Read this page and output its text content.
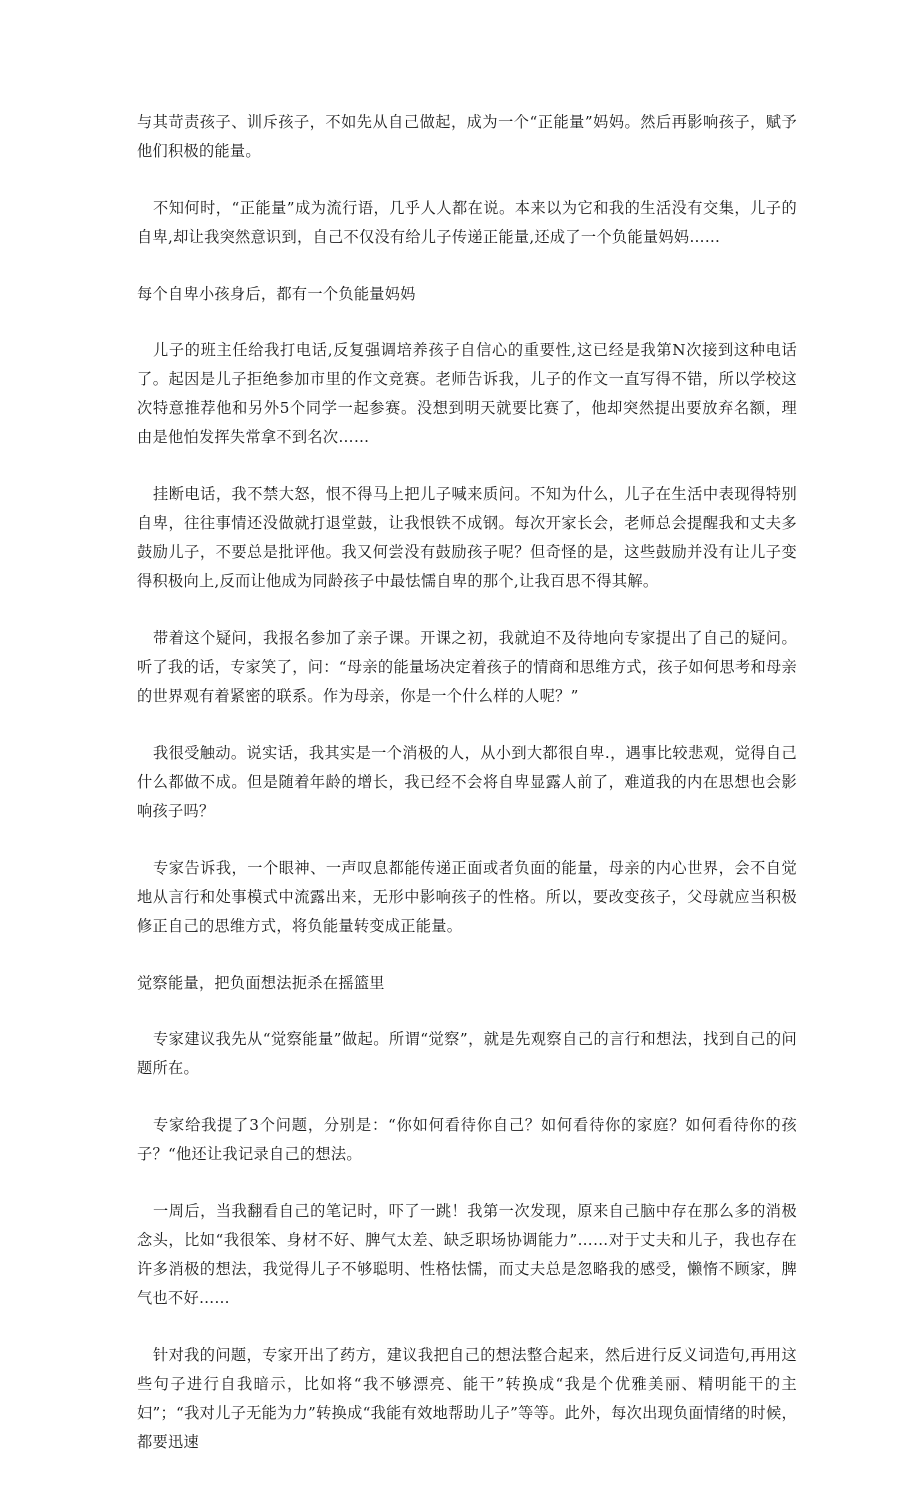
与其苛责孩子、训斥孩子，不如先从自己做起，成为一个“正能量”妈妈。然后再影响孩子，赋予他们积极的能量。

不知何时，“正能量”成为流行语，几乎人人都在说。本来以为它和我的生活没有交集，儿子的自卑,却让我突然意识到，自己不仅没有给儿子传递正能量,还成了一个负能量妈妈……

每个自卑小孩身后，都有一个负能量妈妈

儿子的班主任给我打电话,反复强调培养孩子自信心的重要性,这已经是我第N次接到这种电话了。起因是儿子拒绝参加市里的作文竞赛。老师告诉我，儿子的作文一直写得不错，所以学校这次特意推荐他和另外5个同学一起参赛。没想到明天就要比赛了，他却突然提出要放弃名额，理由是他怕发挥失常拿不到名次……

挂断电话，我不禁大怒，恨不得马上把儿子喊来质问。不知为什么，儿子在生活中表现得特别自卑，往往事情还没做就打退堂鼓，让我恨铁不成钢。每次开家长会，老师总会提醒我和丈夫多鼓励儿子，不要总是批评他。我又何尝没有鼓励孩子呢？但奇怪的是，这些鼓励并没有让儿子变得积极向上,反而让他成为同龄孩子中最怯懦自卑的那个,让我百思不得其解。

带着这个疑问，我报名参加了亲子课。开课之初，我就迫不及待地向专家提出了自己的疑问。听了我的话，专家笑了，问：“母亲的能量场决定着孩子的情商和思维方式，孩子如何思考和母亲的世界观有着紧密的联系。作为母亲，你是一个什么样的人呢？”

我很受触动。说实话，我其实是一个消极的人，从小到大都很自卑.，遇事比较悲观，觉得自己什么都做不成。但是随着年龄的增长，我已经不会将自卑显露人前了，难道我的内在思想也会影响孩子吗？

专家告诉我，一个眼神、一声叹息都能传递正面或者负面的能量，母亲的内心世界，会不自觉地从言行和处事模式中流露出来，无形中影响孩子的性格。所以，要改变孩子，父母就应当积极修正自己的思维方式，将负能量转变成正能量。

觉察能量，把负面想法扼杀在摇篮里

专家建议我先从“觉察能量”做起。所谓“觉察”，就是先观察自己的言行和想法，找到自己的问题所在。

专家给我提了3个问题，分别是：“你如何看待你自己？如何看待你的家庭？如何看待你的孩子？“他还让我记录自己的想法。

一周后，当我翻看自己的笔记时，吓了一跳！我第一次发现，原来自己脑中存在那么多的消极念头，比如“我很笨、身材不好、脾气太差、缺乏职场协调能力”……对于丈夫和儿子，我也存在许多消极的想法，我觉得儿子不够聪明、性格怯懦，而丈夫总是忽略我的感受，懒惰不顾家，脾气也不好……

针对我的问题，专家开出了药方，建议我把自己的想法整合起来，然后进行反义词造句,再用这些句子进行自我暗示，比如将“我不够漂亮、能干”转换成“我是个优雅美丽、精明能干的主妇”；“我对儿子无能为力”转换成“我能有效地帮助儿子”等等。此外，每次出现负面情绪的时候，都要迅速
